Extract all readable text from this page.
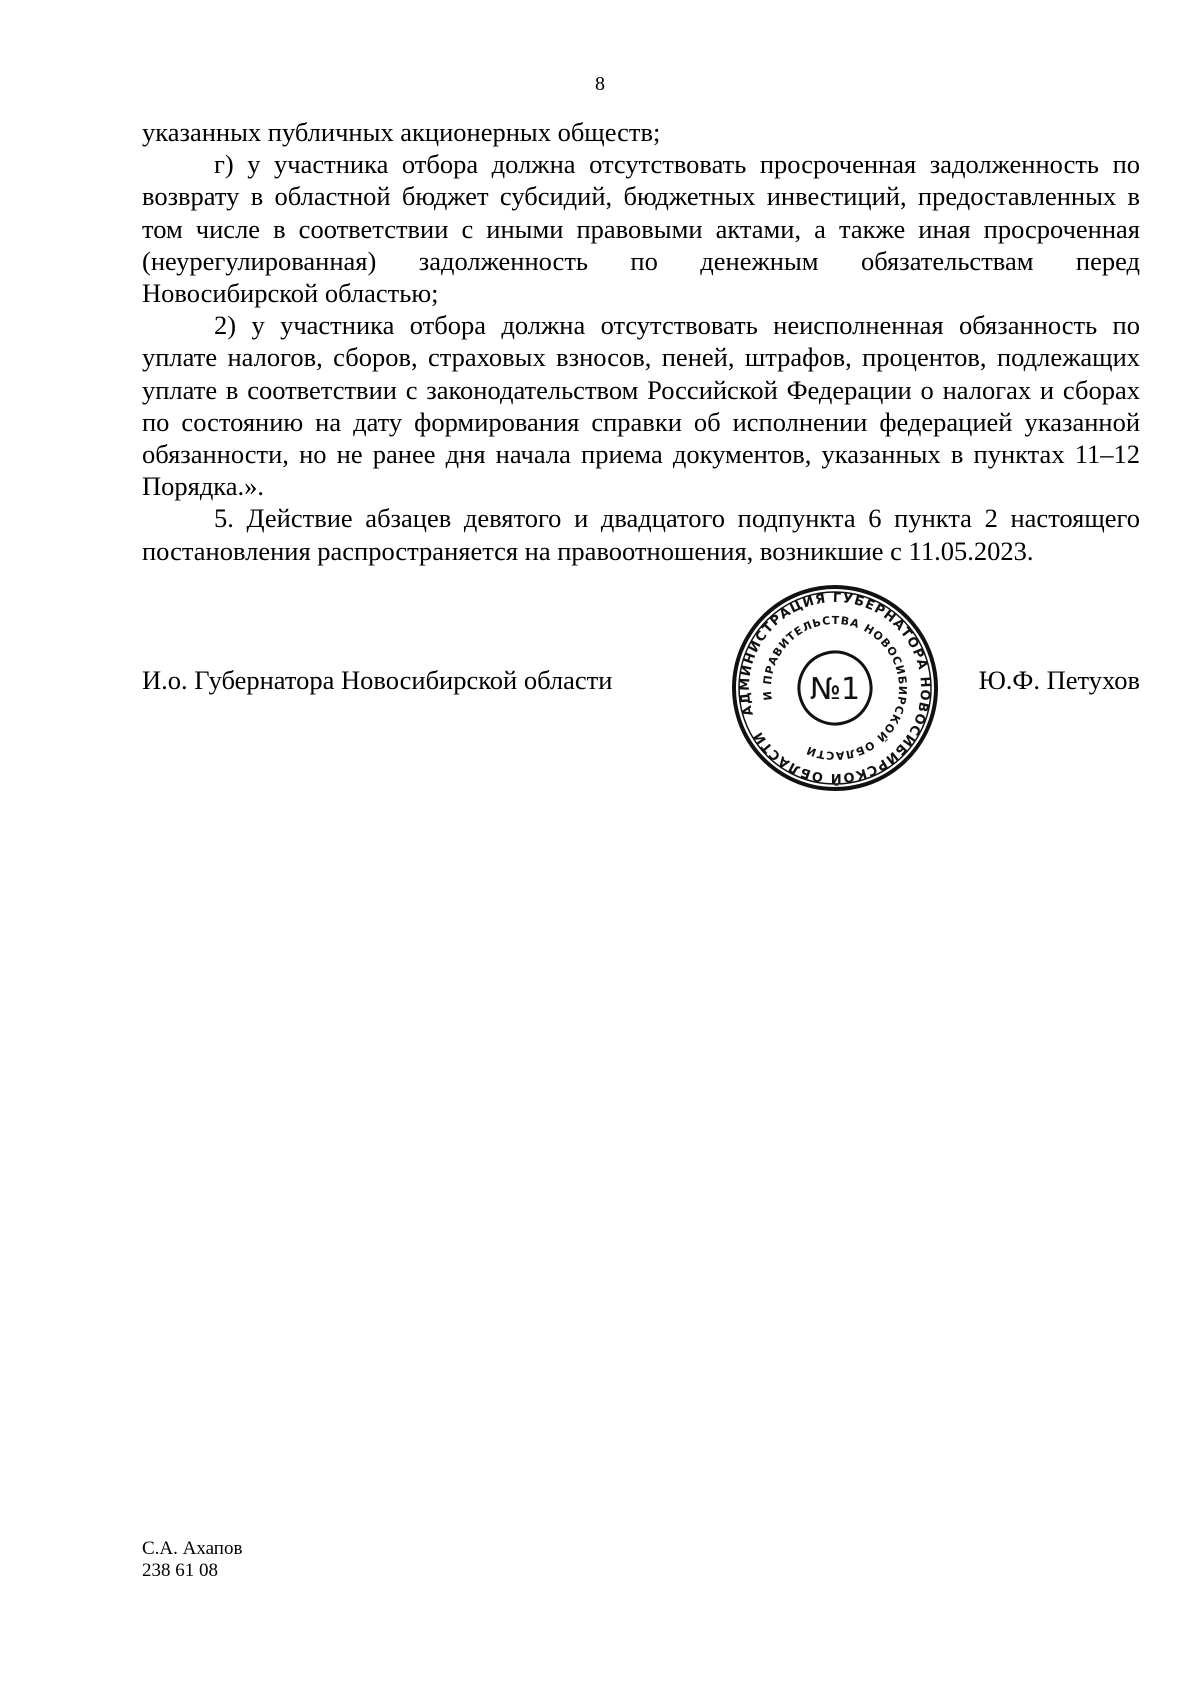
8

указанных публичных акционерных обществ;

г) у участника отбора должна отсутствовать просроченная задолженность по возврату в областной бюджет субсидий, бюджетных инвестиций, предоставленных в том числе в соответствии с иными правовыми актами, а также иная просроченная (неурегулированная) задолженность по денежным обязательствам перед Новосибирской областью;

2) у участника отбора должна отсутствовать неисполненная обязанность по уплате налогов, сборов, страховых взносов, пеней, штрафов, процентов, подлежащих уплате в соответствии с законодательством Российской Федерации о налогах и сборах по состоянию на дату формирования справки об исполнении федерацией указанной обязанности, но не ранее дня начала приема документов, указанных в пунктах 11–12 Порядка.».

5. Действие абзацев девятого и двадцатого подпункта 6 пункта 2 настоящего постановления распространяется на правоотношения, возникшие с 11.05.2023.

И.о. Губернатора Новосибирской области	Ю.Ф. Петухов
АДМИНИСТРАЦИЯ ГУБЕРНАТОРА НОВОСИБИРСКОЙ ОБЛАСТИ
И ПРАВИТЕЛЬСТВА НОВОСИБИРСКОЙ ОБЛАСТИ
№1
С.А. Ахапов
238 61 08
